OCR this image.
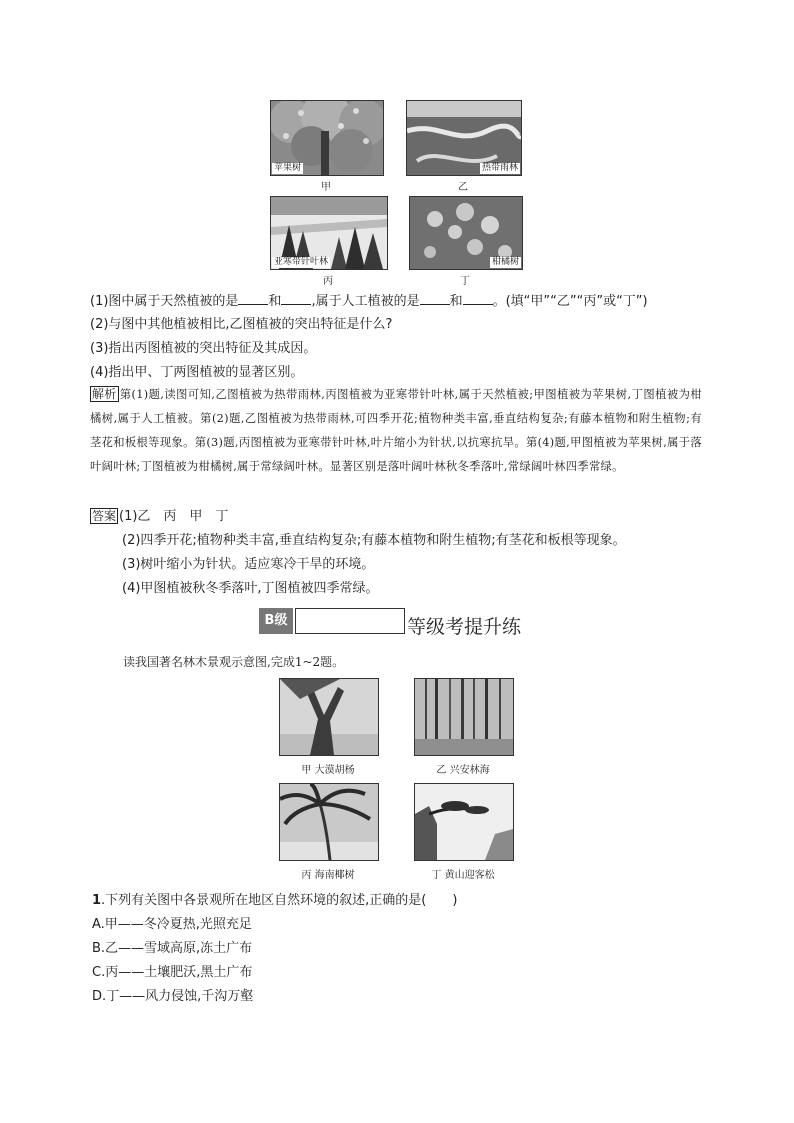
苹果树
甲
热带雨林
乙
亚寒带针叶林
丙
柑橘树
丁
(1)图中属于天然植被的是 和 ,属于人工植被的是 和 。(填“甲”“乙”“丙”或“丁”)
(2)与图中其他植被相比,乙图植被的突出特征是什么?
(3)指出丙图植被的突出特征及其成因。
(4)指出甲、丁两图植被的显著区别。
解析 第(1)题,读图可知,乙图植被为热带雨林,丙图植被为亚寒带针叶林,属于天然植被;甲图植被为苹果树,丁图植被为柑橘树,属于人工植被。第(2)题,乙图植被为热带雨林,可四季开花;植物种类丰富,垂直结构复杂;有藤本植物和附生植物;有茎花和板根等现象。第(3)题,丙图植被为亚寒带针叶林,叶片缩小为针状,以抗寒抗旱。第(4)题,甲图植被为苹果树,属于落叶阔叶林;丁图植被为柑橘树,属于常绿阔叶林。显著区别是落叶阔叶林秋冬季落叶,常绿阔叶林四季常绿。
答案 (1)乙　丙　甲　丁
(2)四季开花;植物种类丰富,垂直结构复杂;有藤本植物和附生植物;有茎花和板根等现象。
(3)树叶缩小为针状。适应寒冷干旱的环境。
(4)甲图植被秋冬季落叶,丁图植被四季常绿。
B级	等级考提升练
读我国著名林木景观示意图,完成1~2题。
甲 大漠胡杨	乙 兴安林海
丙 海南椰树	丁 黄山迎客松
1.下列有关图中各景观所在地区自然环境的叙述,正确的是(　　)
A.甲——冬冷夏热,光照充足
B.乙——雪域高原,冻土广布
C.丙——土壤肥沃,黑土广布
D.丁——风力侵蚀,千沟万壑
